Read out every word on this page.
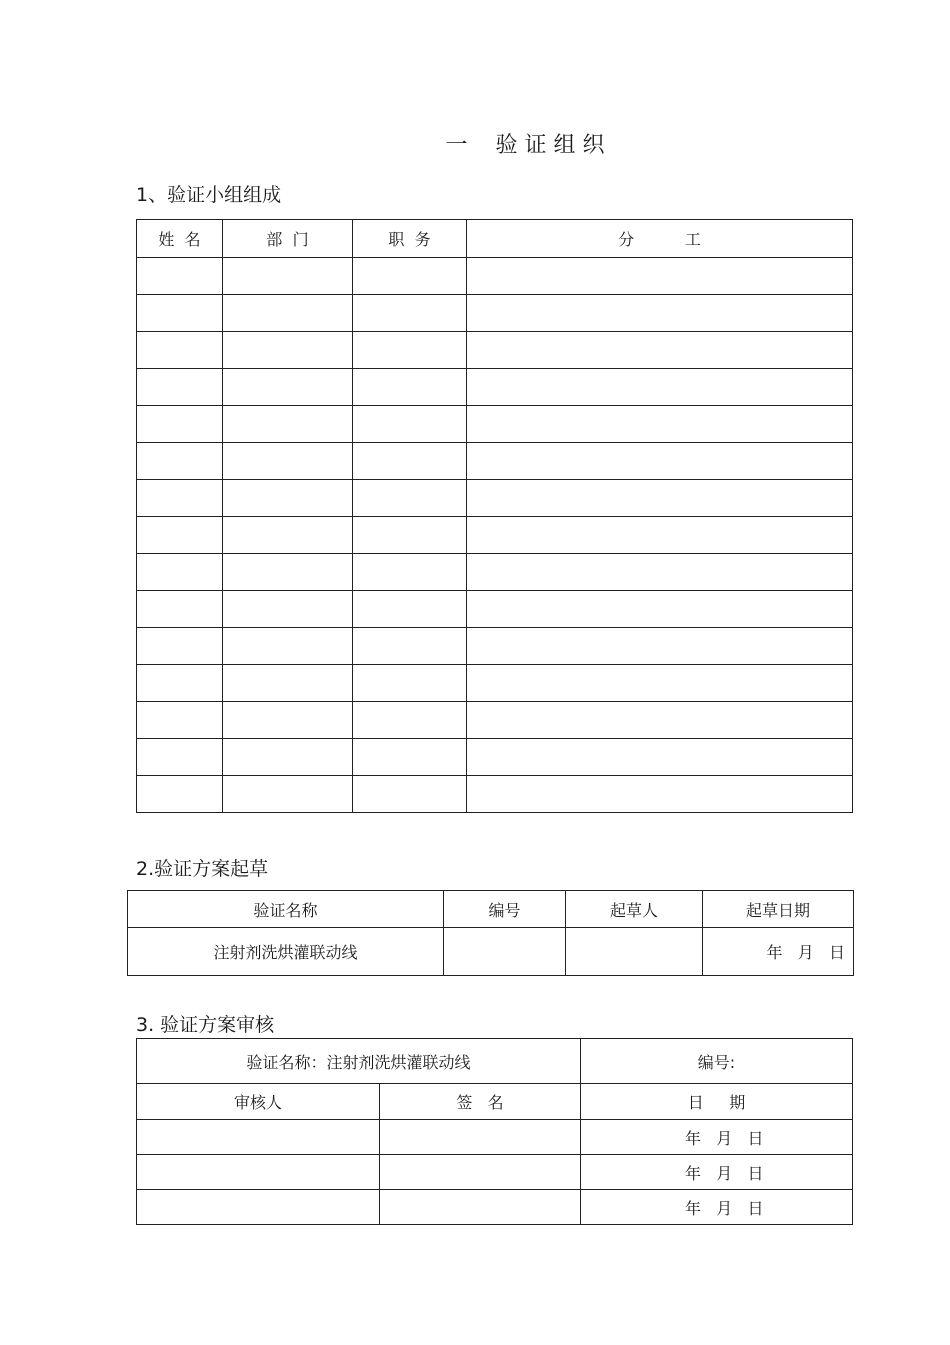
一    验 证 组 织
1、验证小组组成
姓  名	部  门	职  务	分          工

2.验证方案起草
验证名称	编号	起草人	起草日期
注射剂洗烘灌联动线			年   月   日
3. 验证方案审核
验证名称：注射剂洗烘灌联动线		编号:
审核人	签   名	日     期
		年   月   日
		年   月   日
		年   月   日
